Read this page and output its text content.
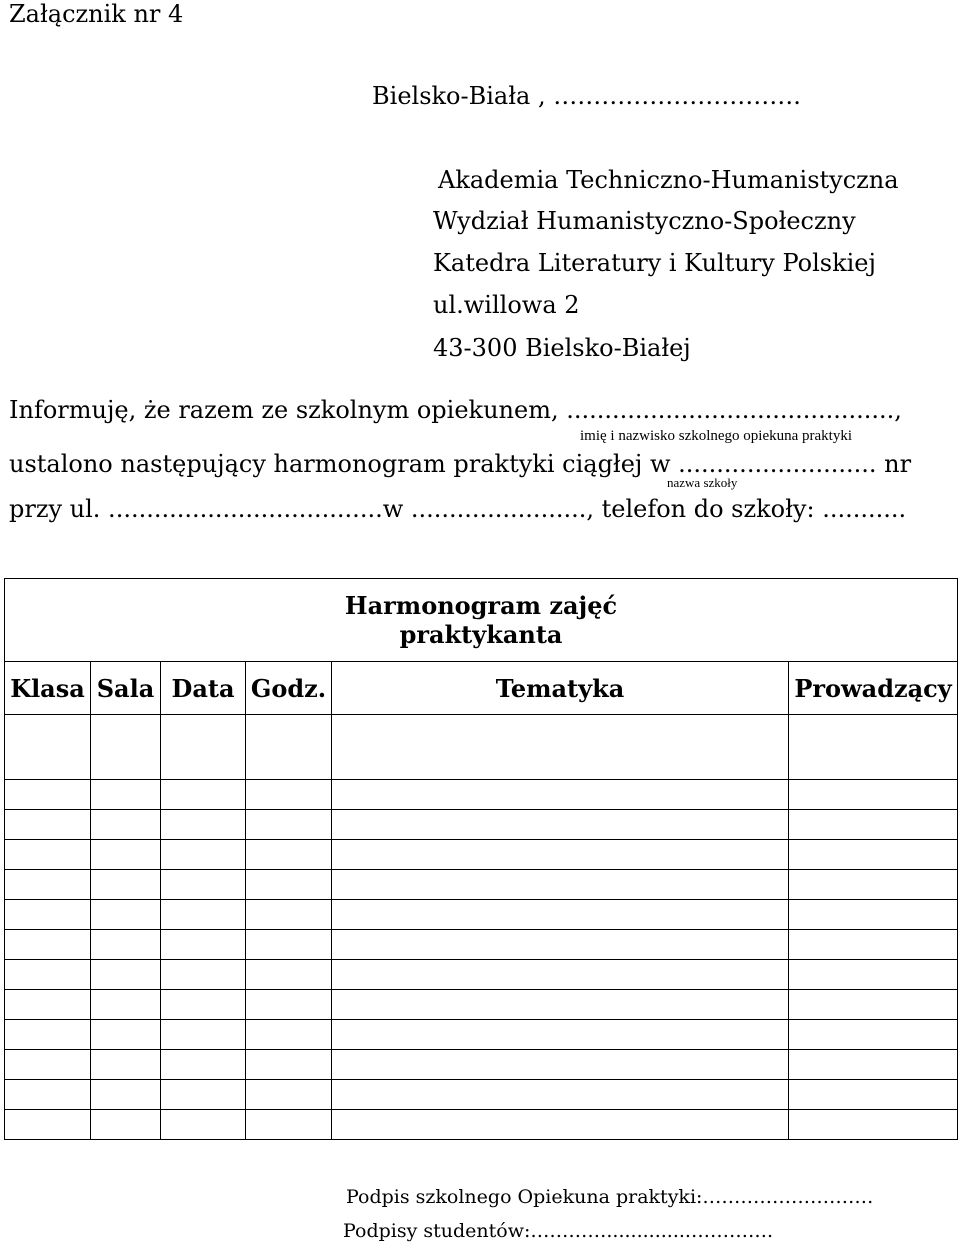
Załącznik nr 4
Bielsko-Biała , ………………………….
Akademia Techniczno-Humanistyczna
Wydział Humanistyczno-Społeczny
Katedra Literatury i Kultury Polskiej
ul.willowa 2
43-300 Bielsko-Białej
Informuję, że razem ze szkolnym opiekunem, ...........................................,
imię i nazwisko szkolnego opiekuna praktyki
ustalono następujący harmonogram praktyki ciągłej w .......................... nr
nazwa szkoły
przy ul. ....................................w ......................., telefon do szkoły: ...........
Harmonogram zajęć praktykanta					

Klasa	Sala	Data	Godz.	Tematyka	Prowadzący

Podpis szkolnego Opiekuna praktyki:………………………
Podpisy studentów:…………..............………….
